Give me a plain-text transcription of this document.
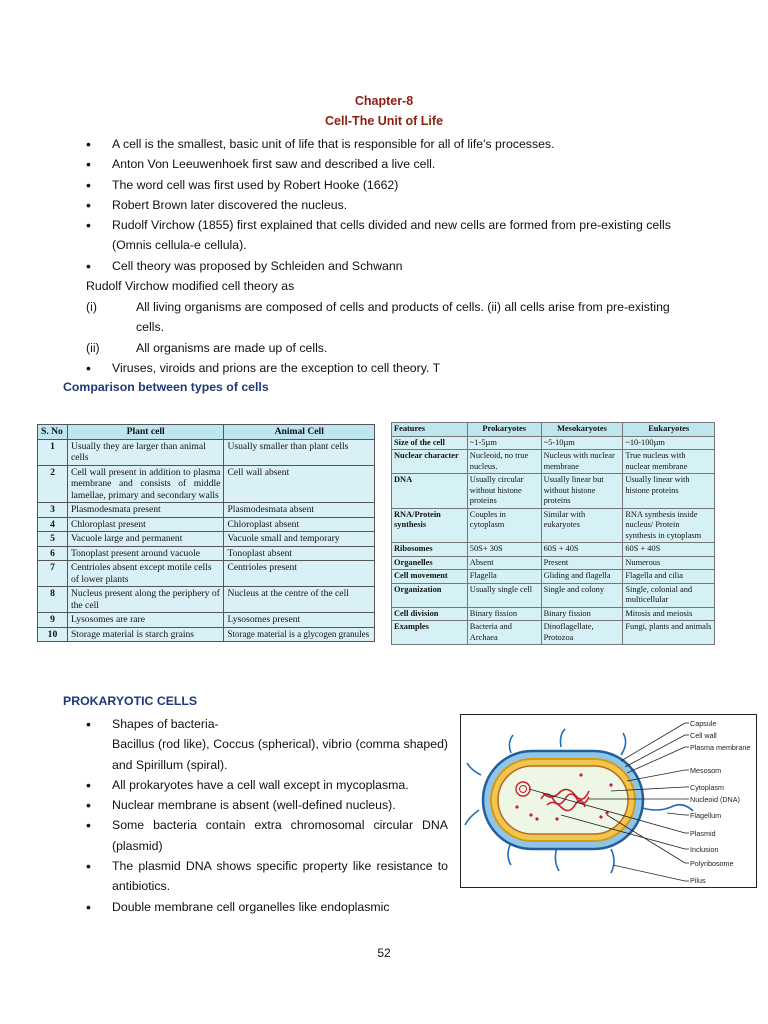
Chapter-8
Cell-The Unit of Life
• A cell is the smallest, basic unit of life that is responsible for all of life's processes.
• Anton Von Leeuwenhoek first saw and described a live cell.
• The word cell was first used by Robert Hooke (1662)
• Robert Brown later discovered the nucleus.
• Rudolf Virchow (1855) first explained that cells divided and new cells are formed from pre-existing cells (Omnis cellula-e cellula).
• Cell theory was proposed by Schleiden and Schwann
Rudolf Virchow modified cell theory as
(i)	All living organisms are composed of cells and products of cells. (ii) all cells arise from pre-existing cells.
(ii)	All organisms are made up of cells.
• Viruses, viroids and prions are the exception to cell theory. T
Comparison between types of cells
S. No	Plant cell	Animal Cell
1	Usually they are larger than animal cells	Usually smaller than plant cells
2	Cell wall present in addition to plasma membrane and consists of middle lamellae, primary and secondary walls	Cell wall absent
3	Plasmodesmata present	Plasmodesmata absent
4	Chloroplast present	Chloroplast absent
5	Vacuole large and permanent	Vacuole small and temporary
6	Tonoplast present around vacuole	Tonoplast absent
7	Centrioles absent except motile cells of lower plants	Centrioles present
8	Nucleus present along the periphery of the cell	Nucleus at the centre of the cell
9	Lysosomes are rare	Lysosomes present
10	Storage material is starch grains	Storage material is a glycogen granules
Features	Prokaryotes	Mesokaryotes	Eukaryotes
Size of the cell	~1-5µm	~5-10µm	~10-100µm
Nuclear character	Nucleoid, no true nucleus.	Nucleus with nuclear membrane	True nucleus with nuclear membrane
DNA	Usually circular without histone proteins	Usually linear but without histone proteins	Usually linear with histone proteins
RNA/Protein synthesis	Couples in cytoplasm	Similar with eukaryotes	RNA synthesis inside nucleus/ Protein synthesis in cytoplasm
Ribosomes	50S+ 30S	60S + 40S	60S + 40S
Organelles	Absent	Present	Numerous
Cell movement	Flagella	Gliding and flagella	Flagella and cilia
Organization	Usually single cell	Single and colony	Single, colonial and multicellular
Cell division	Binary fission	Binary fission	Mitosis and meiosis
Examples	Bacteria and Archaea	Dinoflagellate, Protozoa	Fungi, plants and animals
PROKARYOTIC CELLS
• Shapes of bacteria-
Bacillus (rod like), Coccus (spherical), vibrio (comma shaped) and Spirillum (spiral).
• All prokaryotes have a cell wall except in mycoplasma.
• Nuclear membrane is absent (well-defined nucleus).
• Some bacteria contain extra chromosomal circular DNA (plasmid)
• The plasmid DNA shows specific property like resistance to antibiotics.
• Double membrane cell organelles like endoplasmic
Capsule
Cell wall
Plasma membrane
Mesosom
Cytoplasm
Nucleoid (DNA)
Flagellum
Plasmid
Inclusion
Polyribosome
Pilus
52
